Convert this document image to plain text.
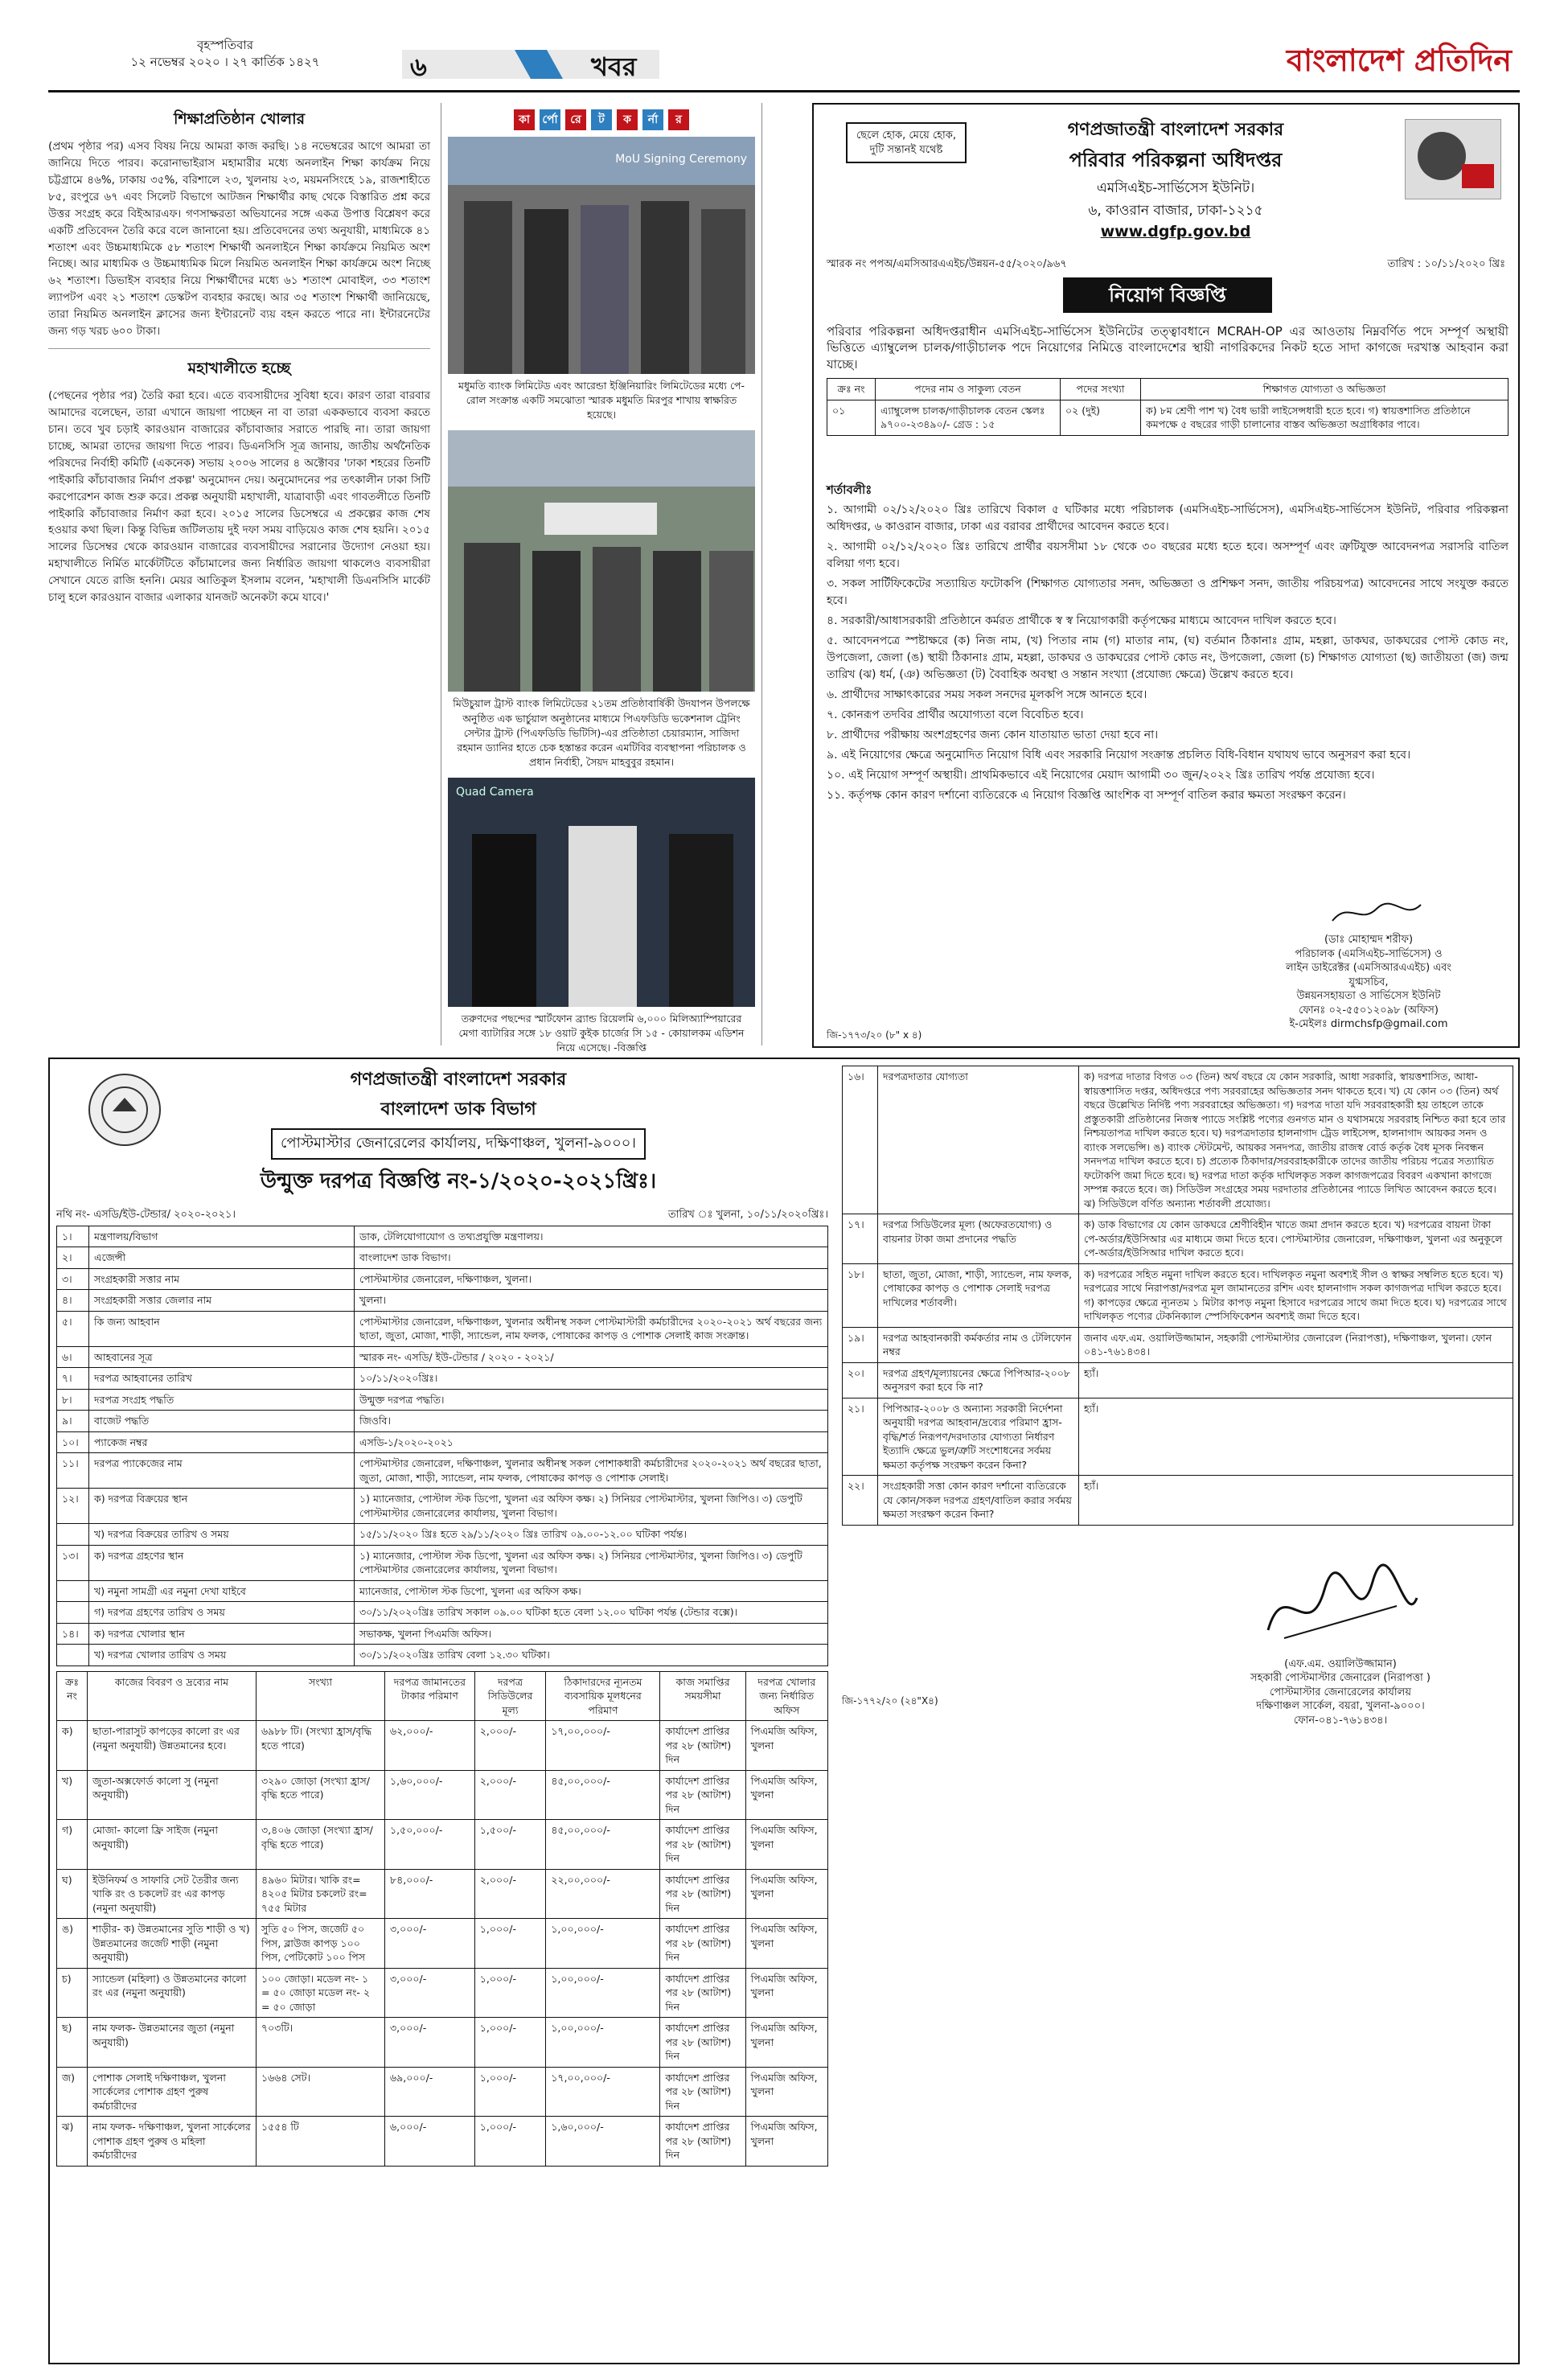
বৃহস্পতিবার
১২ নভেম্বর ২০২০ । ২৭ কার্তিক ১৪২৭	৬	খবর	বাংলাদেশ প্রতিদিন
শিক্ষাপ্রতিষ্ঠান খোলার

(প্রথম পৃষ্ঠার পর) এসব বিষয় নিয়ে আমরা কাজ করছি। ১৪ নভেম্বরের আগে আমরা তা জানিয়ে দিতে পারব। করোনাভাইরাস মহামারীর মধ্যে অনলাইন শিক্ষা কার্যক্রম নিয়ে চট্টগ্রামে ৪৬%, ঢাকায় ৩৫%, বরিশালে ২৩, খুলনায় ২৩, ময়মনসিংহে ১৯, রাজশাহীতে ৮৫, রংপুরে ৬৭ এবং সিলেট বিভাগে আটজন শিক্ষার্থীর কাছ থেকে বিস্তারিত প্রশ্ন করে উত্তর সংগ্রহ করে বিইআরএফ। গণসাক্ষরতা অভিযানের সঙ্গে একত্র উপাত্ত বিশ্লেষণ করে একটি প্রতিবেদন তৈরি করে বলে জানানো হয়। প্রতিবেদনের তথ্য অনুযায়ী, মাধ্যমিকে ৪১ শতাংশ এবং উচ্চমাধ্যমিকে ৫৮ শতাংশ শিক্ষার্থী অনলাইনে শিক্ষা কার্যক্রমে নিয়মিত অংশ নিচ্ছে। আর মাধ্যমিক ও উচ্চমাধ্যমিক মিলে নিয়মিত অনলাইন শিক্ষা কার্যক্রমে অংশ নিচ্ছে ৬২ শতাংশ। ডিভাইস ব্যবহার নিয়ে শিক্ষার্থীদের মধ্যে ৬১ শতাংশ মোবাইল, ৩৩ শতাংশ ল্যাপটপ এবং ২১ শতাংশ ডেস্কটপ ব্যবহার করছে। আর ৩৫ শতাংশ শিক্ষার্থী জানিয়েছে, তারা নিয়মিত অনলাইন ক্লাসের জন্য ইন্টারনেট ব্যয় বহন করতে পারে না। ইন্টারনেটের জন্য গড় খরচ ৬০০ টাকা।

মহাখালীতে হচ্ছে

(পেছনের পৃষ্ঠার পর) তৈরি করা হবে। এতে ব্যবসায়ীদের সুবিধা হবে। কারণ তারা বারবার আমাদের বলেছেন, তারা এখানে জায়গা পাচ্ছেন না বা তারা এককভাবে ব্যবসা করতে চান। তবে খুব চড়াই কারওয়ান বাজারের কাঁচাবাজার সরাতে পারছি না। তারা জায়গা চাচ্ছে, আমরা তাদের জায়গা দিতে পারব। ডিএনসিসি সূত্র জানায়, জাতীয় অর্থনৈতিক পরিষদের নির্বাহী কমিটি (একনেক) সভায় ২০০৬ সালের ৪ অক্টোবর 'ঢাকা শহরের তিনটি পাইকারি কাঁচাবাজার নির্মাণ প্রকল্প' অনুমোদন দেয়। অনুমোদনের পর তৎকালীন ঢাকা সিটি করপোরেশন কাজ শুরু করে। প্রকল্প অনুযায়ী মহাখালী, যাত্রাবাড়ী এবং গাবতলীতে তিনটি পাইকারি কাঁচাবাজার নির্মাণ করা হবে। ২০১৫ সালের ডিসেম্বরে এ প্রকল্পের কাজ শেষ হওয়ার কথা ছিল। কিন্তু বিভিন্ন জটিলতায় দুই দফা সময় বাড়িয়েও কাজ শেষ হয়নি। ২০১৫ সালের ডিসেম্বর থেকে কারওয়ান বাজারের ব্যবসায়ীদের সরানোর উদ্যোগ নেওয়া হয়। মহাখালীতে নির্মিত মার্কেটটিতে কাঁচামালের জন্য নির্ধারিত জায়গা থাকলেও ব্যবসায়ীরা সেখানে যেতে রাজি হননি। মেয়র আতিকুল ইসলাম বলেন, 'মহাখালী ডিএনসিসি মার্কেট চালু হলে কারওয়ান বাজার এলাকার যানজট অনেকটা কমে যাবে।'

কা	র্পো	রে	ট	ক	র্না	র
MoU Signing Ceremony
মধুমতি ব্যাংক লিমিটেড এবং আরেন্ডা ইঞ্জিনিয়ারিং লিমিটেডের মধ্যে পে-রোল সংক্রান্ত একটি সমঝোতা স্মারক মধুমতি মিরপুর শাখায় স্বাক্ষরিত হয়েছে।
মিউচুয়াল ট্রাস্ট ব্যাংক লিমিটেডের ২১তম প্রতিষ্ঠাবার্ষিকী উদযাপন উপলক্ষে অনুষ্ঠিত এক ভার্চুয়াল অনুষ্ঠানের মাধ্যমে পিএফডিডি ভকেশনাল ট্রেনিং সেন্টার ট্রাস্ট (পিএফডিডি ভিটিসি)-এর প্রতিষ্ঠাতা চেয়ারম্যান, সাজিদা রহমান ড্যানির হাতে চেক হস্তান্তর করেন এমটিবির ব্যবস্থাপনা পরিচালক ও প্রধান নির্বাহী, সৈয়দ মাহবুবুর রহমান।
Quad Camera
তরুণদের পছন্দের স্মার্টফোন ব্র্যান্ড রিয়েলমি ৬,০০০ মিলিঅ্যাম্পিয়ারের মেগা ব্যাটারির সঙ্গে ১৮ ওয়াট কুইক চার্জের সি ১৫ - কোয়ালকম এডিশন নিয়ে এসেছে। -বিজ্ঞপ্তি
ছেলে হোক, মেয়ে হোক, দুটি সন্তানই যথেষ্ট
গণপ্রজাতন্ত্রী বাংলাদেশ সরকার
পরিবার পরিকল্পনা অধিদপ্তর
এমসিএইচ-সার্ভিসেস ইউনিট।
৬, কাওরান বাজার, ঢাকা-১২১৫
www.dgfp.gov.bd
স্মারক নং পপঅ/এমসিআরএএইচ/উন্নয়ন-৫৫/২০২০/৯৬৭	তারিখ : ১০/১১/২০২০ খ্রিঃ
নিয়োগ বিজ্ঞপ্তি
পরিবার পরিকল্পনা অধিদপ্তরাধীন এমসিএইচ-সার্ভিসেস ইউনিটের তত্ত্বাবধানে MCRAH-OP এর আওতায় নিম্নবর্ণিত পদে সম্পূর্ণ অস্থায়ী ভিত্তিতে এ্যাম্বুলেন্স চালক/গাড়ীচালক পদে নিয়োগের নিমিত্তে বাংলাদেশের স্থায়ী নাগরিকদের নিকট হতে সাদা কাগজে দরখাস্ত আহবান করা যাচ্ছে।
ক্রঃ নং	পদের নাম ও সাকুল্য বেতন	পদের সংখ্যা	শিক্ষাগত যোগ্যতা ও অভিজ্ঞতা
০১	এ্যাম্বুলেন্স চালক/গাড়ীচালক বেতন স্কেলঃ ৯৭০০-২৩৪৯০/- গ্রেড : ১৫	০২ (দুই)	ক) ৮ম শ্রেণী পাশ খ) বৈধ ভারী লাইসেন্সধারী হতে হবে। গ) স্বায়ত্তশাসিত প্রতিষ্ঠানে কমপক্ষে ৫ বছরের গাড়ী চালানোর বাস্তব অভিজ্ঞতা অগ্রাধিকার পাবে।
শর্তাবলীঃ
১. আগামী ০২/১২/২০২০ খ্রিঃ তারিখে বিকাল ৫ ঘটিকার মধ্যে পরিচালক (এমসিএইচ-সার্ভিসেস), এমসিএইচ-সার্ভিসেস ইউনিট, পরিবার পরিকল্পনা অধিদপ্তর, ৬ কাওরান বাজার, ঢাকা এর বরাবর প্রার্থীদের আবেদন করতে হবে।
২. আগামী ০২/১২/২০২০ খ্রিঃ তারিখে প্রার্থীর বয়সসীমা ১৮ থেকে ৩০ বছরের মধ্যে হতে হবে। অসম্পূর্ণ এবং ত্রুটিযুক্ত আবেদনপত্র সরাসরি বাতিল বলিয়া গণ্য হবে।
৩. সকল সার্টিফিকেটের সত্যায়িত ফটোকপি (শিক্ষাগত যোগ্যতার সনদ, অভিজ্ঞতা ও প্রশিক্ষণ সনদ, জাতীয় পরিচয়পত্র) আবেদনের সাথে সংযুক্ত করতে হবে।
৪. সরকারী/আধাসরকারী প্রতিষ্ঠানে কর্মরত প্রার্থীকে স্ব স্ব নিয়োগকারী কর্তৃপক্ষের মাধ্যমে আবেদন দাখিল করতে হবে।
৫. আবেদনপত্রে স্পষ্টাক্ষরে (ক) নিজ নাম, (খ) পিতার নাম (গ) মাতার নাম, (ঘ) বর্তমান ঠিকানাঃ গ্রাম, মহল্লা, ডাকঘর, ডাকঘরের পোস্ট কোড নং, উপজেলা, জেলা (ঙ) স্থায়ী ঠিকানাঃ গ্রাম, মহল্লা, ডাকঘর ও ডাকঘরের পোস্ট কোড নং, উপজেলা, জেলা (চ) শিক্ষাগত যোগ্যতা (ছ) জাতীয়তা (জ) জন্ম তারিখ (ঝ) ধর্ম, (ঞ) অভিজ্ঞতা (ট) বৈবাহিক অবস্থা ও সন্তান সংখ্যা (প্রযোজ্য ক্ষেত্রে) উল্লেখ করতে হবে।
৬. প্রার্থীদের সাক্ষাৎকারের সময় সকল সনদের মূলকপি সঙ্গে আনতে হবে।
৭. কোনরূপ তদবির প্রার্থীর অযোগ্যতা বলে বিবেচিত হবে।
৮. প্রার্থীদের পরীক্ষায় অংশগ্রহণের জন্য কোন যাতায়াত ভাতা দেয়া হবে না।
৯. এই নিয়োগের ক্ষেত্রে অনুমোদিত নিয়োগ বিধি এবং সরকারি নিয়োগ সংক্রান্ত প্রচলিত বিধি-বিধান যথাযথ ভাবে অনুসরণ করা হবে।
১০. এই নিয়োগ সম্পূর্ণ অস্থায়ী। প্রাথমিকভাবে এই নিয়োগের মেয়াদ আগামী ৩০ জুন/২০২২ খ্রিঃ তারিখ পর্যন্ত প্রযোজ্য হবে।
১১. কর্তৃপক্ষ কোন কারণ দর্শানো ব্যতিরেকে এ নিয়োগ বিজ্ঞপ্তি আংশিক বা সম্পূর্ণ বাতিল করার ক্ষমতা সংরক্ষণ করেন।
(ডাঃ মোহাম্মদ শরীফ)
পরিচালক (এমসিএইচ-সার্ভিসেস) ও
লাইন ডাইরেক্টর (এমসিআরএএইচ) এবং
যুগ্মসচিব,
উন্নয়নসহায়তা ও সার্ভিসেস ইউনিট
ফোনঃ ০২-৫৫০১২০৯৮ (অফিস)
ই-মেইলঃ dirmchsfp@gmail.com
জি-১৭৭৩/২০ (৮" x ৪)
গণপ্রজাতন্ত্রী বাংলাদেশ সরকার
বাংলাদেশ ডাক বিভাগ
পোস্টমাস্টার জেনারেলের কার্যালয়, দক্ষিণাঞ্চল, খুলনা-৯০০০।
উন্মুক্ত দরপত্র বিজ্ঞপ্তি নং-১/২০২০-২০২১খ্রিঃ।
নথি নং- এসডি/ইউ-টেন্ডার/ ২০২০-২০২১।	তারিখ ঃ খুলনা, ১০/১১/২০২০খ্রিঃ।
১।	মন্ত্রণালয়/বিভাগ	ডাক, টেলিযোগাযোগ ও তথ্যপ্রযুক্তি মন্ত্রণালয়।
২।	এজেন্সী	বাংলাদেশ ডাক বিভাগ।
৩।	সংগ্রহকারী সত্তার নাম	পোস্টমাস্টার জেনারেল, দক্ষিণাঞ্চল, খুলনা।
৪।	সংগ্রহকারী সত্তার জেলার নাম	খুলনা।
৫।	কি জন্য আহবান	পোস্টমাস্টার জেনারেল, দক্ষিণাঞ্চল, খুলনার অধীনস্থ সকল পোস্টমাস্টারী কর্মচারীদের ২০২০-২০২১ অর্থ বছরের জন্য ছাতা, জুতা, মোজা, শাড়ী, স্যান্ডেল, নাম ফলক, পোষাকের কাপড় ও পোশাক সেলাই কাজ সংক্রান্ত।
৬।	আহবানের সূত্র	স্মারক নং- এসডি/ ইউ-টেন্ডার / ২০২০ - ২০২১/
৭।	দরপত্র আহবানের তারিখ	১০/১১/২০২০খ্রিঃ।
৮।	দরপত্র সংগ্রহ পদ্ধতি	উন্মুক্ত দরপত্র পদ্ধতি।
৯।	বাজেট পদ্ধতি	জিওবি।
১০।	প্যাকেজ নম্বর	এসডি-১/২০২০-২০২১
১১।	দরপত্র প্যাকেজের নাম	পোস্টমাস্টার জেনারেল, দক্ষিণাঞ্চল, খুলনার অধীনস্থ সকল পোশাকধারী কর্মচারীদের ২০২০-২০২১ অর্থ বছরের ছাতা, জুতা, মোজা, শাড়ী, স্যান্ডেল, নাম ফলক, পোষাকের কাপড় ও পোশাক সেলাই।
১২।	ক) দরপত্র বিক্রয়ের স্থান	১) ম্যানেজার, পোস্টাল স্টক ডিপো, খুলনা এর অফিস কক্ষ। ২) সিনিয়র পোস্টমাস্টার, খুলনা জিপিও। ৩) ডেপুটি পোস্টমাস্টার জেনারেলের কার্যালয়, খুলনা বিভাগ।
	খ) দরপত্র বিক্রয়ের তারিখ ও সময়	১৫/১১/২০২০ খ্রিঃ হতে ২৯/১১/২০২০ খ্রিঃ তারিখ ০৯.০০-১২.০০ ঘটিকা পর্যন্ত।
১৩।	ক) দরপত্র গ্রহণের স্থান	১) ম্যানেজার, পোস্টাল স্টক ডিপো, খুলনা এর অফিস কক্ষ। ২) সিনিয়র পোস্টমাস্টার, খুলনা জিপিও। ৩) ডেপুটি পোস্টমাস্টার জেনারেলের কার্যালয়, খুলনা বিভাগ।
	খ) নমুনা সামগ্রী এর নমুনা দেখা যাইবে	ম্যানেজার, পোস্টাল স্টক ডিপো, খুলনা এর অফিস কক্ষ।
	গ) দরপত্র গ্রহণের তারিখ ও সময়	৩০/১১/২০২০খ্রিঃ তারিখ সকাল ০৯.০০ ঘটিকা হতে বেলা ১২.০০ ঘটিকা পর্যন্ত (টেন্ডার বক্সে)।
১৪।	ক) দরপত্র খোলার স্থান	সভাকক্ষ, খুলনা পিএমজি অফিস।
	খ) দরপত্র খোলার তারিখ ও সময়	৩০/১১/২০২০খ্রিঃ তারিখ বেলা ১২.৩০ ঘটিকা।
ক্রঃ নং	কাজের বিবরণ ও দ্রব্যের নাম	সংখ্যা	দরপত্র জামানতের টাকার পরিমাণ	দরপত্র সিডিউলের মূল্য	ঠিকাদারদের ন্যূনতম ব্যবসায়িক মূলধনের পরিমাণ	কাজ সমাপ্তির সময়সীমা	দরপত্র খোলার জন্য নির্ধারিত অফিস
ক)	ছাতা-পারাসুট কাপড়ের কালো রং এর (নমুনা অনুযায়ী) উন্নতমানের হবে।	৬৯৮৮ টি। (সংখ্যা হ্রাস/বৃদ্ধি হতে পারে)	৬২,০০০/-	২,০০০/-	১৭,০০,০০০/-	কার্যাদেশ প্রাপ্তির পর ২৮ (আটাশ) দিন	পিএমজি অফিস, খুলনা
খ)	জুতা-অক্সফোর্ড কালো সু (নমুনা অনুযায়ী)	৩২৯০ জোড়া (সংখ্যা হ্রাস/বৃদ্ধি হতে পারে)	১,৬০,০০০/-	২,০০০/-	৪৫,০০,০০০/-	কার্যাদেশ প্রাপ্তির পর ২৮ (আটাশ) দিন	পিএমজি অফিস, খুলনা
গ)	মোজা- কালো ফ্রি সাইজ (নমুনা অনুযায়ী)	৩,৪০৬ জোড়া (সংখ্যা হ্রাস/বৃদ্ধি হতে পারে)	১,৫০,০০০/-	১,৫০০/-	৪৫,০০,০০০/-	কার্যাদেশ প্রাপ্তির পর ২৮ (আটাশ) দিন	পিএমজি অফিস, খুলনা
ঘ)	ইউনিফর্ম ও সাফারি সেট তৈরীর জন্য খাকি রং ও চকলেট রং এর কাপড় (নমুনা অনুযায়ী)	৪৯৬০ মিটার। খাকি রং= ৪২০৫ মিটার চকলেট রং= ৭৫৫ মিটার	৮৪,০০০/-	২,০০০/-	২২,০০,০০০/-	কার্যাদেশ প্রাপ্তির পর ২৮ (আটাশ) দিন	পিএমজি অফিস, খুলনা
ঙ)	শাড়ীর- ক) উন্নতমানের সুতি শাড়ী ও খ) উন্নতমানের জর্জেট শাড়ী (নমুনা অনুযায়ী)	সুতি ৫০ পিস, জর্জেট ৫০ পিস, ব্লাউজ কাপড় ১০০ পিস, পেটিকোট ১০০ পিস	৩,০০০/-	১,০০০/-	১,০০,০০০/-	কার্যাদেশ প্রাপ্তির পর ২৮ (আটাশ) দিন	পিএমজি অফিস, খুলনা
চ)	স্যান্ডেল (মহিলা) ও উন্নতমানের কালো রং এর (নমুনা অনুযায়ী)	১০০ জোড়া। মডেল নং- ১ = ৫০ জোড়া মডেল নং- ২ = ৫০ জোড়া	৩,০০০/-	১,০০০/-	১,০০,০০০/-	কার্যাদেশ প্রাপ্তির পর ২৮ (আটাশ) দিন	পিএমজি অফিস, খুলনা
ছ)	নাম ফলক- উন্নতমানের জুতা (নমুনা অনুযায়ী)	৭০৩টি।	৩,০০০/-	১,০০০/-	১,০০,০০০/-	কার্যাদেশ প্রাপ্তির পর ২৮ (আটাশ) দিন	পিএমজি অফিস, খুলনা
জ)	পোশাক সেলাই দক্ষিণাঞ্চল, খুলনা সার্কেলের পোশাক গ্রহণ পুরুষ কর্মচারীদের	১৬৬৪ সেট।	৬৯,০০০/-	১,০০০/-	১৭,০০,০০০/-	কার্যাদেশ প্রাপ্তির পর ২৮ (আটাশ) দিন	পিএমজি অফিস, খুলনা
ঝ)	নাম ফলক- দক্ষিণাঞ্চল, খুলনা সার্কেলের পোশাক গ্রহণ পুরুষ ও মহিলা কর্মচারীদের	১৫৫৪ টি	৬,০০০/-	১,০০০/-	১,৬০,০০০/-	কার্যাদেশ প্রাপ্তির পর ২৮ (আটাশ) দিন	পিএমজি অফিস, খুলনা
১৬।	দরপত্রদাতার যোগ্যতা	ক) দরপত্র দাতার বিগত ০৩ (তিন) অর্থ বছরে যে কোন সরকারি, আধা সরকারি, স্বায়ত্তশাসিত, আধা-স্বায়ত্তশাসিত দপ্তর, অধিদপ্তরে পণ্য সরবরাহের অভিজ্ঞতার সনদ থাকতে হবে। খ) যে কোন ০৩ (তিন) অর্থ বছরে উল্লেখিত নির্দিষ্ট পণ্য সরবরাহের অভিজ্ঞতা। গ) দরপত্র দাতা যদি সরবরাহকারী হয় তাহলে তাকে প্রস্তুতকারী প্রতিষ্ঠানের নিজস্ব প্যাডে সংশ্লিষ্ট পণ্যের গুনগত মান ও যথাসময়ে সরবরাহ নিশ্চিত করা হবে তার নিশ্চয়তাপত্র দাখিল করতে হবে। ঘ) দরপত্রদাতার হালনাগাদ ট্রেড লাইসেন্স, হালনাগাদ আয়কর সনদ ও ব্যাংক সলভেন্সি। ঙ) ব্যাংক স্টেটমেন্ট, আয়কর সনদপত্র, জাতীয় রাজস্ব বোর্ড কর্তৃক বৈধ মূসক নিবন্ধন সনদপত্র দাখিল করতে হবে। চ) প্রত্যেক ঠিকাদার/সরবরাহকারীকে তাদের জাতীয় পরিচয় পত্রের সত্যায়িত ফটোকপি জমা দিতে হবে। ছ) দরপত্র দাতা কর্তৃক দাখিলকৃত সকল কাগজপত্রের বিবরণ একখানা কাগজে সম্পন্ন করতে হবে। জ) সিডিউল সংগ্রহের সময় দরদাতার প্রতিষ্ঠানের প্যাডে লিখিত আবেদন করতে হবে। ঝ) সিডিউলে বর্ণিত অন্যান্য শর্তাবলী প্রযোজ্য।
১৭।	দরপত্র সিডিউলের মূল্য (অফেরতযোগ্য) ও বায়নার টাকা জমা প্রদানের পদ্ধতি	ক) ডাক বিভাগের যে কোন ডাকঘরে শ্রেণীবিহীন খাতে জমা প্রদান করতে হবে। খ) দরপত্রের বায়না টাকা পে-অর্ডার/ইউসিআর এর মাধ্যমে জমা দিতে হবে। পোস্টমাস্টার জেনারেল, দক্ষিণাঞ্চল, খুলনা এর অনুকূলে পে-অর্ডার/ইউসিআর দাখিল করতে হবে।
১৮।	ছাতা, জুতা, মোজা, শাড়ী, স্যান্ডেল, নাম ফলক, পোষাকের কাপড় ও পোশাক সেলাই দরপত্র দাখিলের শর্তাবলী।	ক) দরপত্রের সহিত নমুনা দাখিল করতে হবে। দাখিলকৃত নমুনা অবশ্যই সীল ও স্বাক্ষর সম্বলিত হতে হবে। খ) দরপত্রের সাথে নিরাপত্তা/দরপত্র মূল জামানতের রশিদ এবং হালনাগাদ সকল কাগজপত্র দাখিল করতে হবে। গ) কাপড়ের ক্ষেত্রে ন্যূনতম ১ মিটার কাপড় নমুনা হিসাবে দরপত্রের সাথে জমা দিতে হবে। ঘ) দরপত্রের সাথে দাখিলকৃত পণ্যের টেকনিক্যাল স্পেসিফিকেশন অবশ্যই জমা দিতে হবে।
১৯।	দরপত্র আহবানকারী কর্মকর্তার নাম ও টেলিফোন নম্বর	জনাব এফ.এম. ওয়ালিউজ্জামান, সহকারী পোস্টমাস্টার জেনারেল (নিরাপত্তা), দক্ষিণাঞ্চল, খুলনা। ফোন ০৪১-৭৬১৪৩৪।
২০।	দরপত্র গ্রহণ/মূল্যায়নের ক্ষেত্রে পিপিআর-২০০৮ অনুসরণ করা হবে কি না?	হ্যাঁ।
২১।	পিপিআর-২০০৮ ও অন্যান্য সরকারী নির্দেশনা অনুযায়ী দরপত্র আহবান/দ্রব্যের পরিমাণ হ্রাস-বৃদ্ধি/শর্ত নিরূপণ/দরদাতার যোগ্যতা নির্ধারণ ইত্যাদি ক্ষেত্রে ভুল/ত্রুটি সংশোধনের সর্বময় ক্ষমতা কর্তৃপক্ষ সংরক্ষণ করেন কিনা?	হ্যাঁ।
২২।	সংগ্রহকারী সত্তা কোন কারণ দর্শানো ব্যতিরেকে যে কোন/সকল দরপত্র গ্রহণ/বাতিল করার সর্বময় ক্ষমতা সংরক্ষণ করেন কিনা?	হ্যাঁ।
(এফ.এম. ওয়ালিউজ্জামান)
সহকারী পোস্টমাস্টার জেনারেল (নিরাপত্তা )
পোস্টমাস্টার জেনারেলের কার্যালয়
দক্ষিণাঞ্চল সার্কেল, বয়রা, খুলনা-৯০০০।
ফোন-০৪১-৭৬১৪৩৪।
জি-১৭৭২/২০ (২৪"X৪)
